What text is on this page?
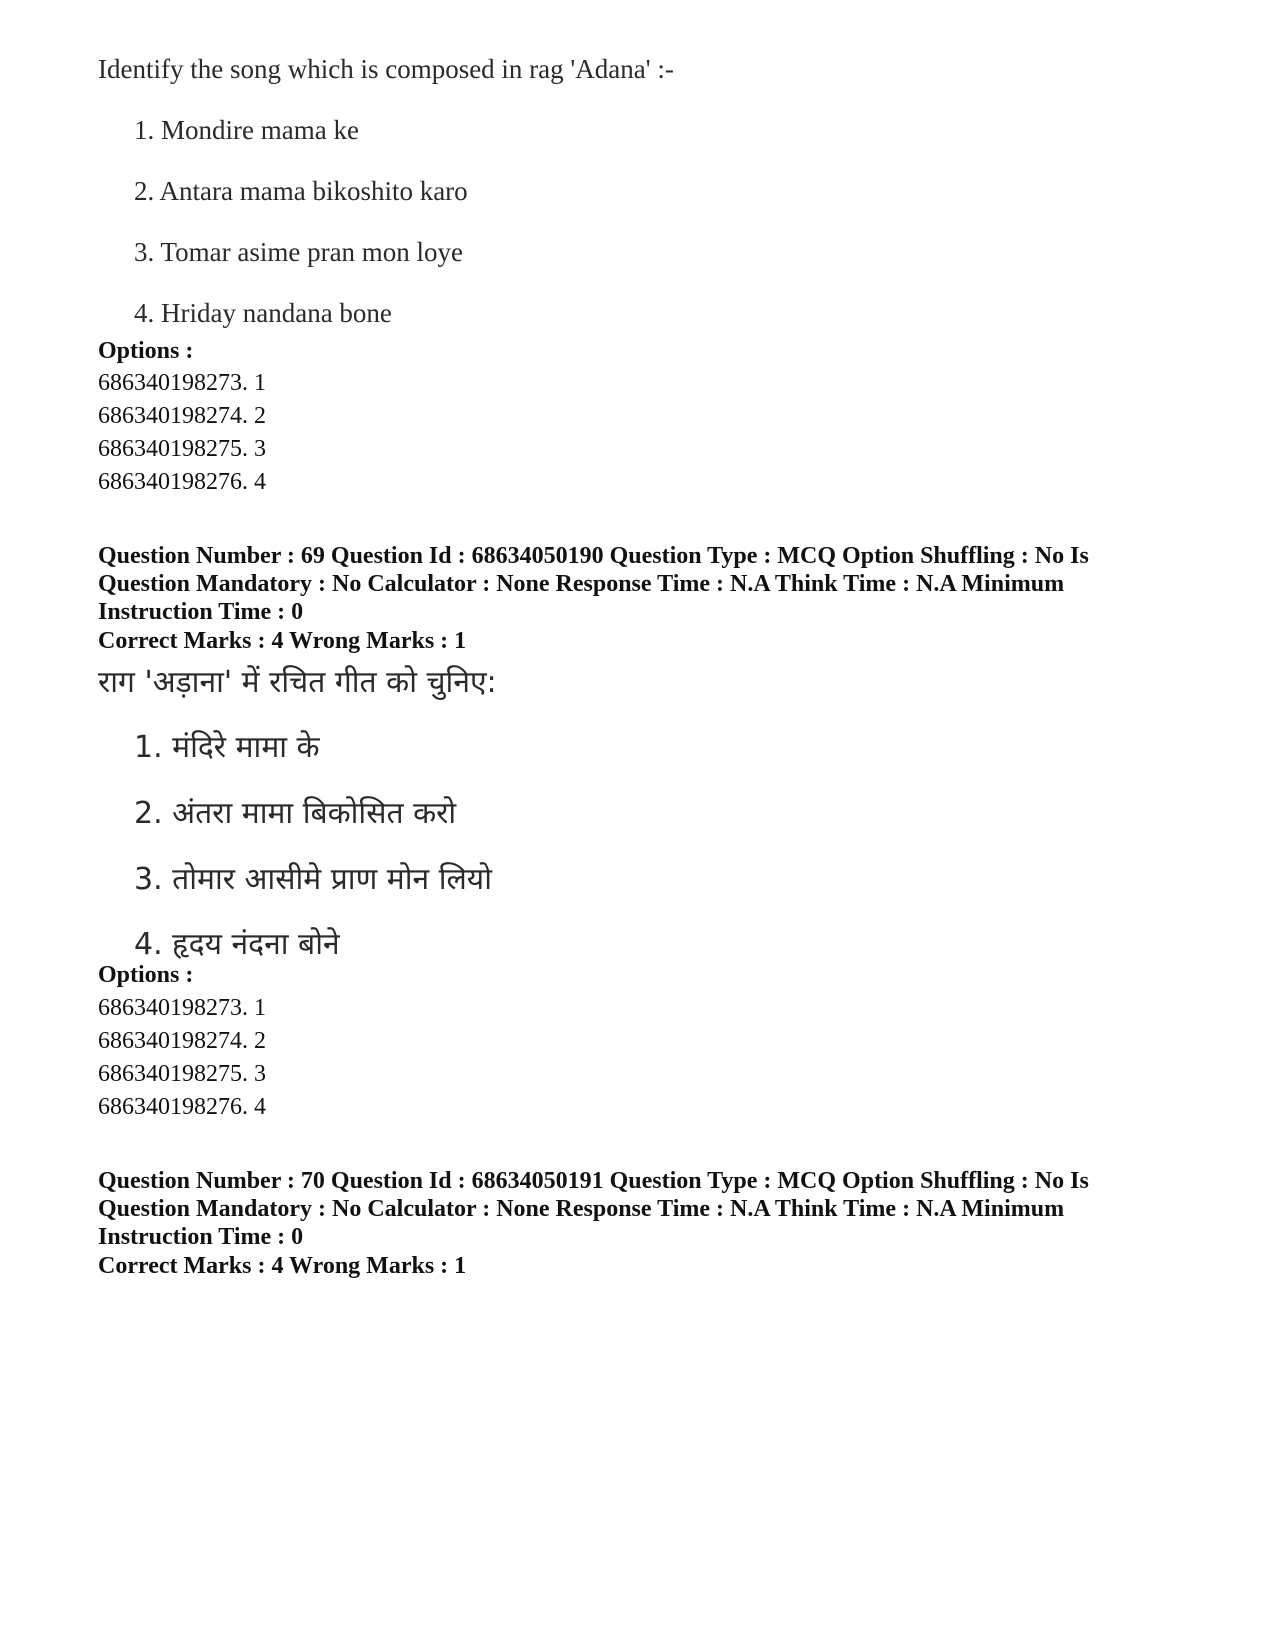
Identify the song which is composed in rag 'Adana' :-
1. Mondire mama ke
2. Antara mama bikoshito karo
3. Tomar asime pran mon loye
4. Hriday nandana bone
Options :
686340198273. 1
686340198274. 2
686340198275. 3
686340198276. 4
Question Number : 69 Question Id : 68634050190 Question Type : MCQ Option Shuffling : No Is
Question Mandatory : No Calculator : None Response Time : N.A Think Time : N.A Minimum
Instruction Time : 0
Correct Marks : 4 Wrong Marks : 1
राग 'अड़ाना' में रचित गीत को चुनिए:
1. मंदिरे मामा के
2. अंतरा मामा बिकोसित करो
3. तोमार आसीमे प्राण मोन लियो
4. हृदय नंदना बोने
Options :
686340198273. 1
686340198274. 2
686340198275. 3
686340198276. 4
Question Number : 70 Question Id : 68634050191 Question Type : MCQ Option Shuffling : No Is
Question Mandatory : No Calculator : None Response Time : N.A Think Time : N.A Minimum
Instruction Time : 0
Correct Marks : 4 Wrong Marks : 1
